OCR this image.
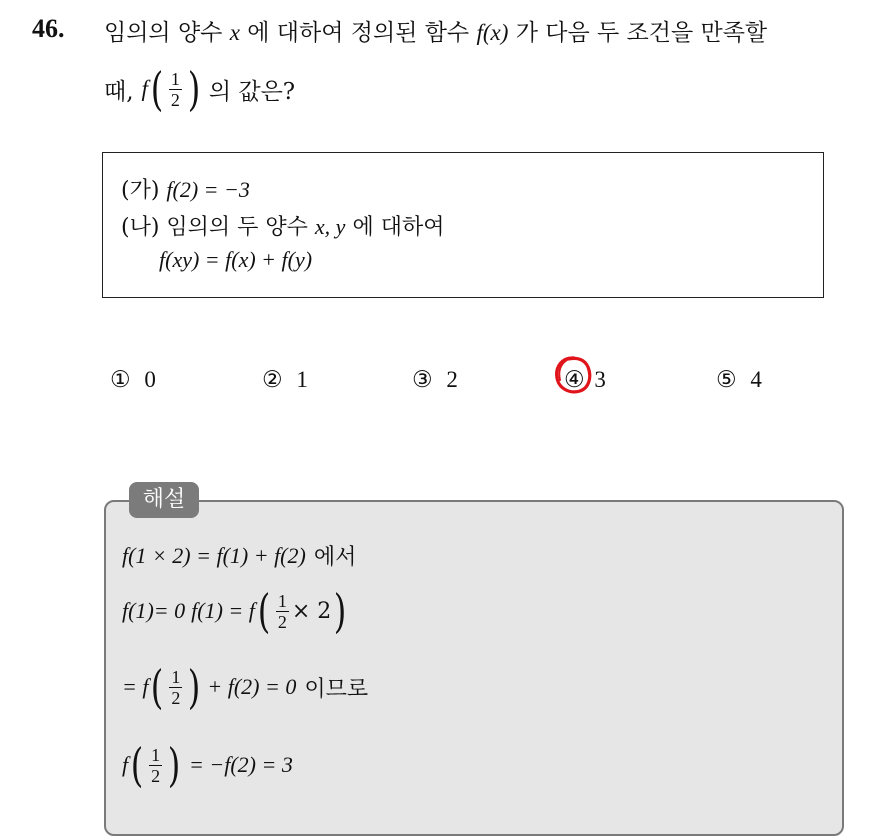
46. 임의의 양수 x 에 대하여 정의된 함수 f(x) 가 다음 두 조건을 만족할
때, f ( $\frac{1}{2}$ ) 의 값은?
(가) f(2) = −3
(나) 임의의 두 양수 x, y 에 대하여
f(xy) = f(x) + f(y)
① 0	② 1	③ 2	④ 3	⑤ 4
해설
f(1 × 2) = f(1) + f(2) 에서
f(1)= 0 f(1) = f ( $\frac{1}{2} \times 2$ )
= f ( $\frac{1}{2}$ ) + f(2) = 0 이므로
f ( $\frac{1}{2}$ ) = −f(2) = 3
